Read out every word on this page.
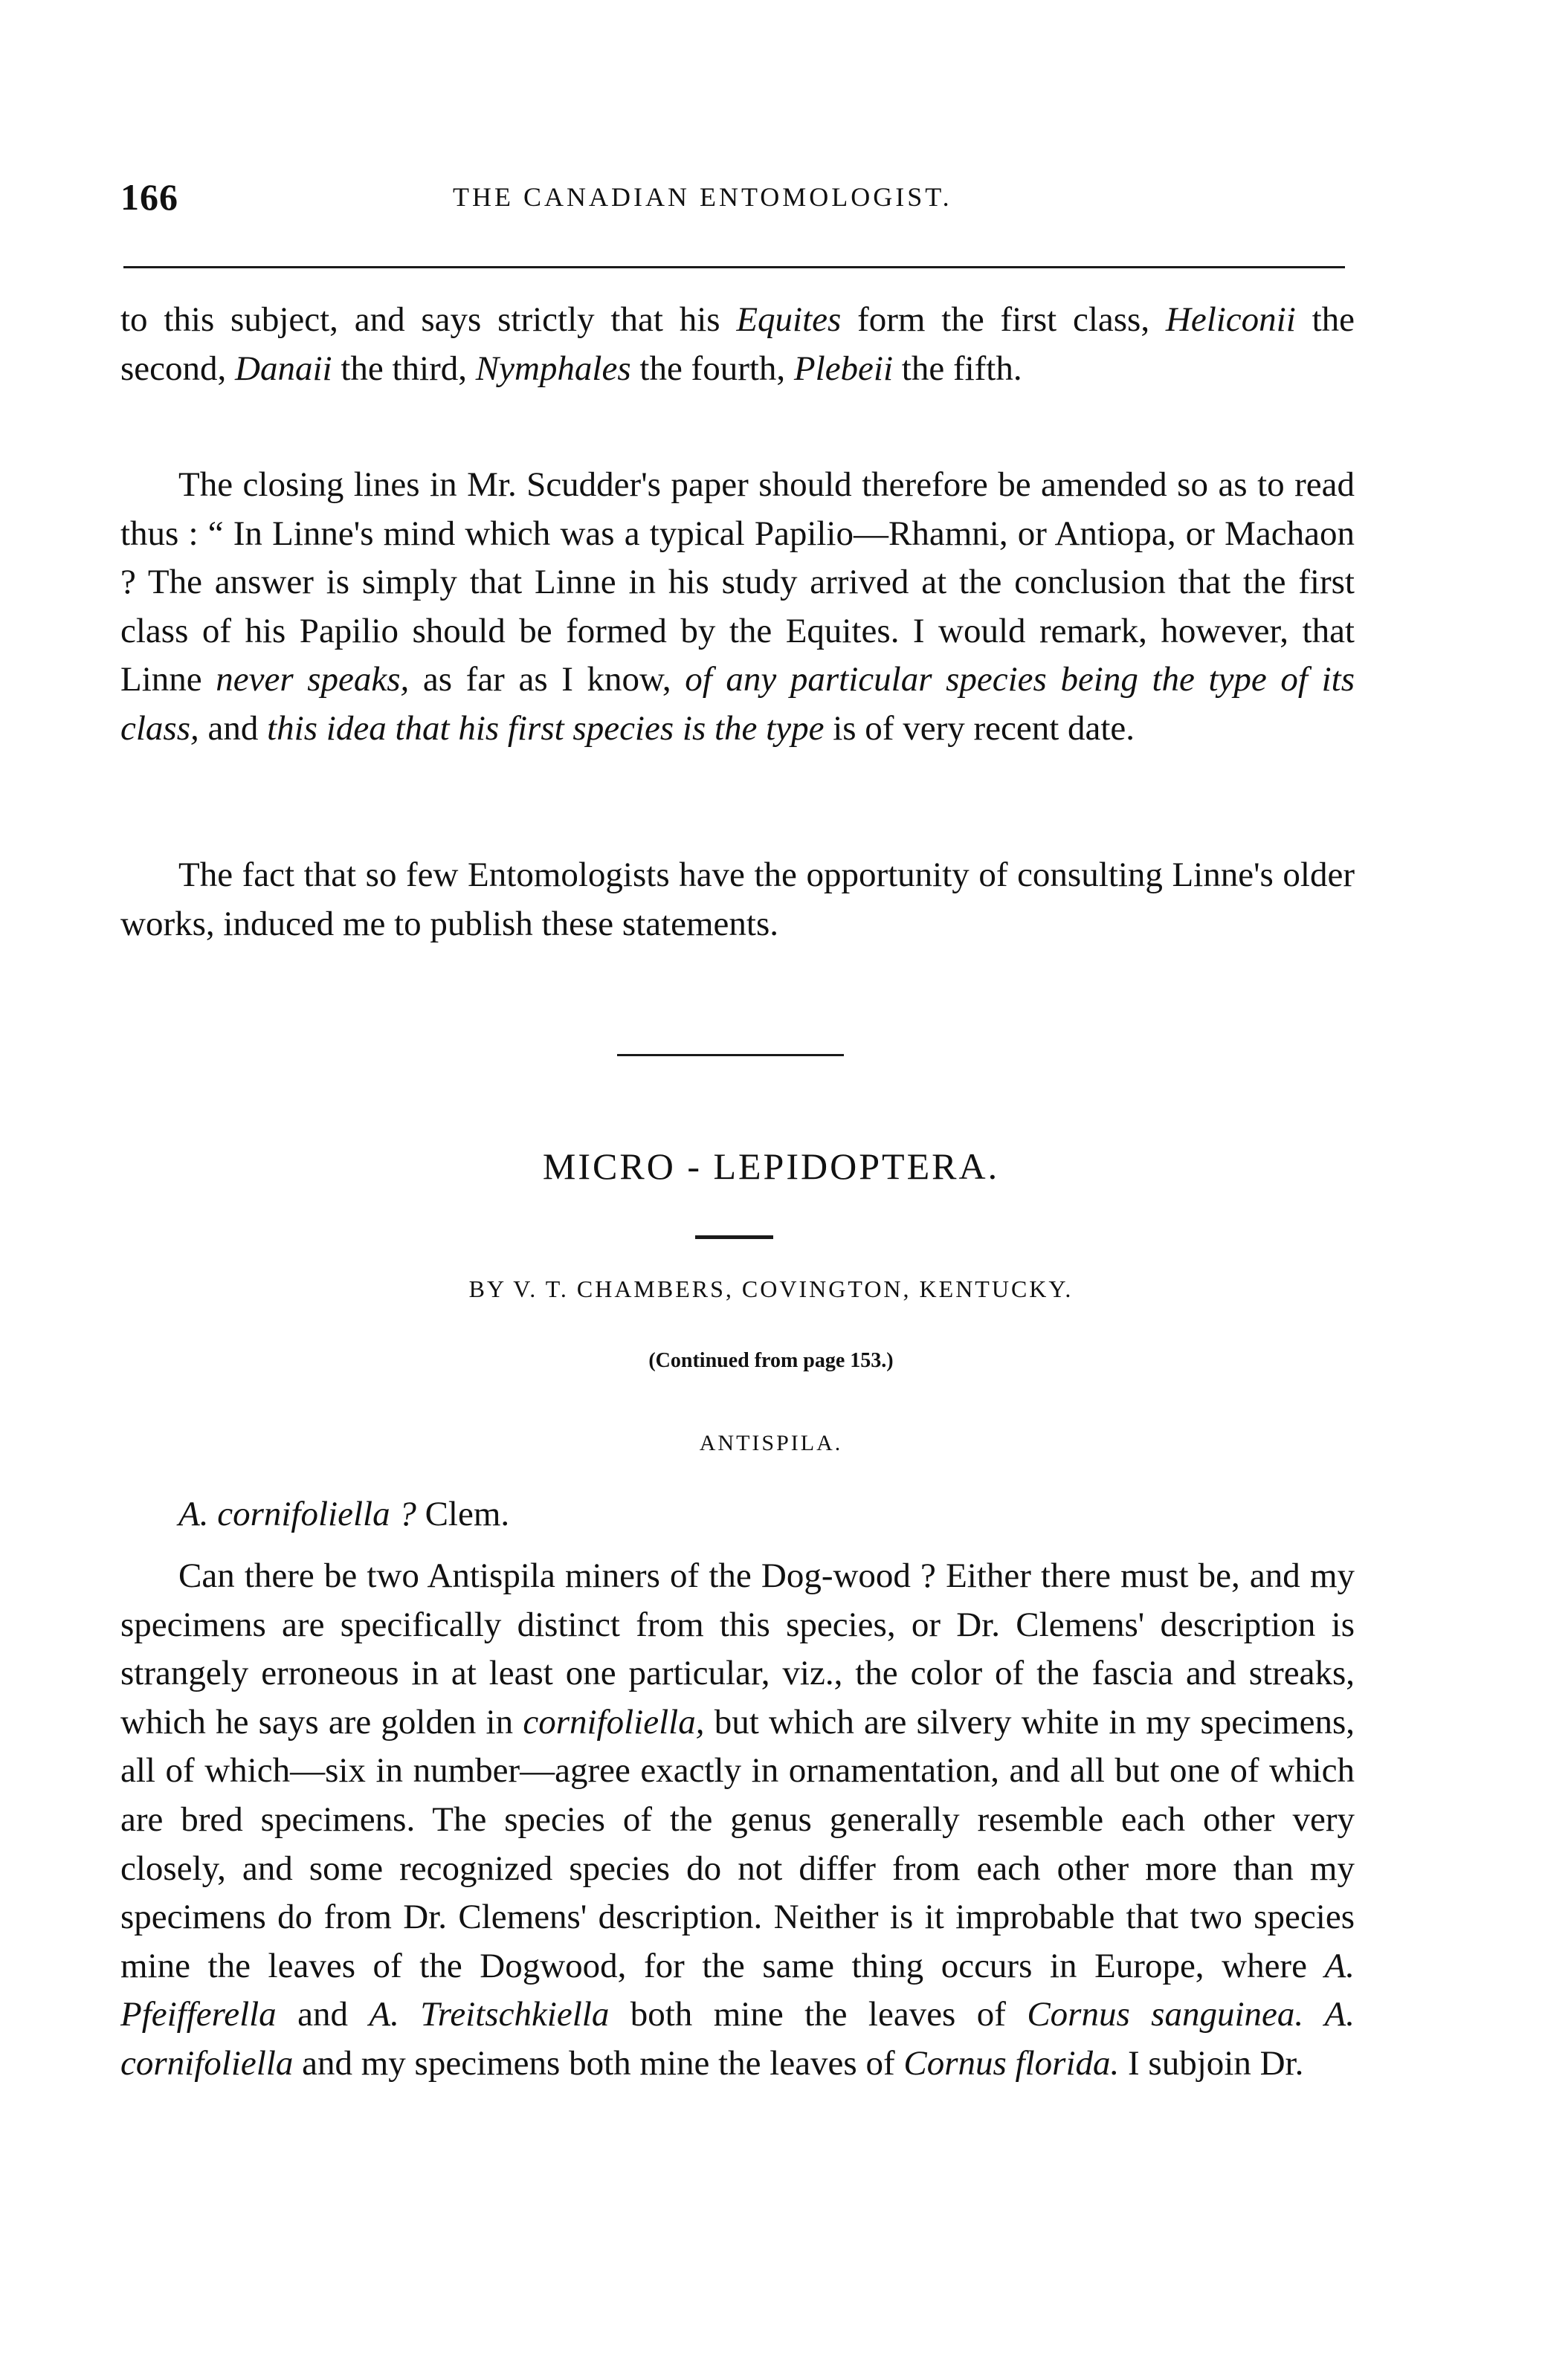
166	THE CANADIAN ENTOMOLOGIST.

to this subject, and says strictly that his Equites form the first class, Heliconii the second, Danaii the third, Nymphales the fourth, Plebeii the fifth.

The closing lines in Mr. Scudder's paper should therefore be amended so as to read thus : “ In Linne's mind which was a typical Papilio—Rhamni, or Antiopa, or Machaon ? The answer is simply that Linne in his study arrived at the conclusion that the first class of his Papilio should be formed by the Equites. I would remark, however, that Linne never speaks, as far as I know, of any particular species being the type of its class, and this idea that his first species is the type is of very recent date.

The fact that so few Entomologists have the opportunity of consulting Linne's older works, induced me to publish these statements.

MICRO - LEPIDOPTERA.
BY V. T. CHAMBERS, COVINGTON, KENTUCKY.
(Continued from page 153.)
ANTISPILA.
A. cornifoliella ? Clem.

Can there be two Antispila miners of the Dog-wood ? Either there must be, and my specimens are specifically distinct from this species, or Dr. Clemens' description is strangely erroneous in at least one particular, viz., the color of the fascia and streaks, which he says are golden in cornifoliella, but which are silvery white in my specimens, all of which—six in number—agree exactly in ornamentation, and all but one of which are bred specimens. The species of the genus generally resemble each other very closely, and some recognized species do not differ from each other more than my specimens do from Dr. Clemens' description. Neither is it improbable that two species mine the leaves of the Dogwood, for the same thing occurs in Europe, where A. Pfeifferella and A. Treitschkiella both mine the leaves of Cornus sanguinea. A. cornifoliella and my specimens both mine the leaves of Cornus florida. I subjoin Dr.
